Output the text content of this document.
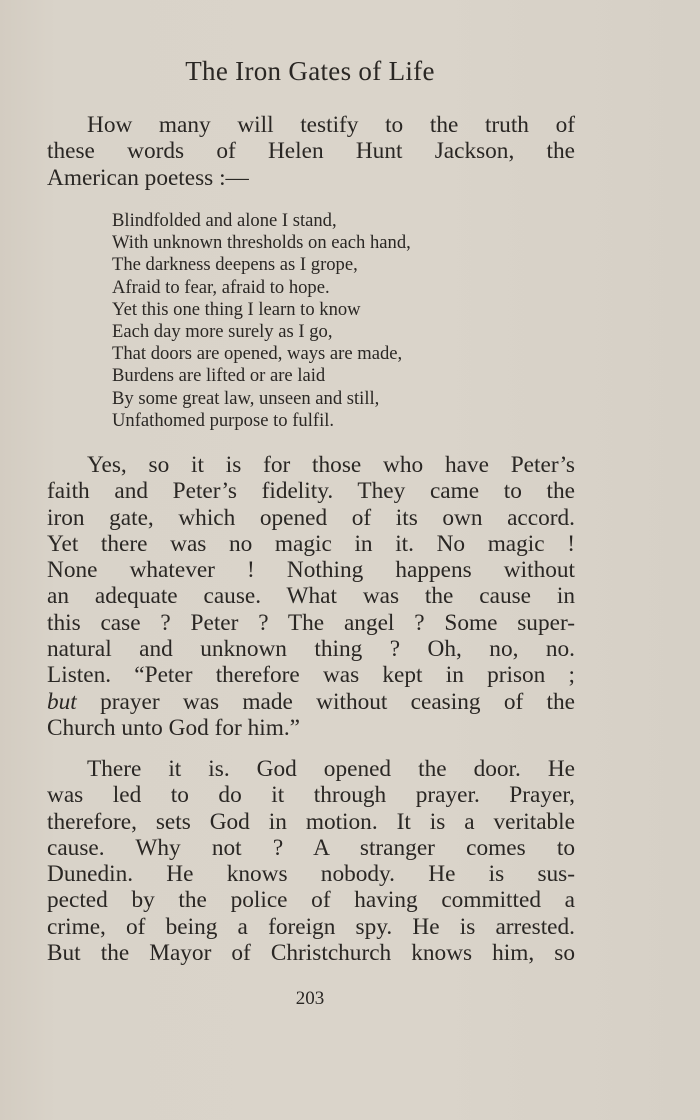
The Iron Gates of Life
How many will testify to the truth of
these words of Helen Hunt Jackson, the
American poetess :—
Blindfolded and alone I stand,
With unknown thresholds on each hand,
The darkness deepens as I grope,
Afraid to fear, afraid to hope.
Yet this one thing I learn to know
Each day more surely as I go,
That doors are opened, ways are made,
Burdens are lifted or are laid
By some great law, unseen and still,
Unfathomed purpose to fulfil.
Yes, so it is for those who have Peter’s
faith and Peter’s fidelity. They came to the
iron gate, which opened of its own accord.
Yet there was no magic in it. No magic !
None whatever ! Nothing happens without
an adequate cause. What was the cause in
this case ? Peter ? The angel ? Some super-
natural and unknown thing ? Oh, no, no.
Listen. “Peter therefore was kept in prison ;
but prayer was made without ceasing of the
Church unto God for him.”
There it is. God opened the door. He
was led to do it through prayer. Prayer,
therefore, sets God in motion. It is a veritable
cause. Why not ? A stranger comes to
Dunedin. He knows nobody. He is sus-
pected by the police of having committed a
crime, of being a foreign spy. He is arrested.
But the Mayor of Christchurch knows him, so
203
